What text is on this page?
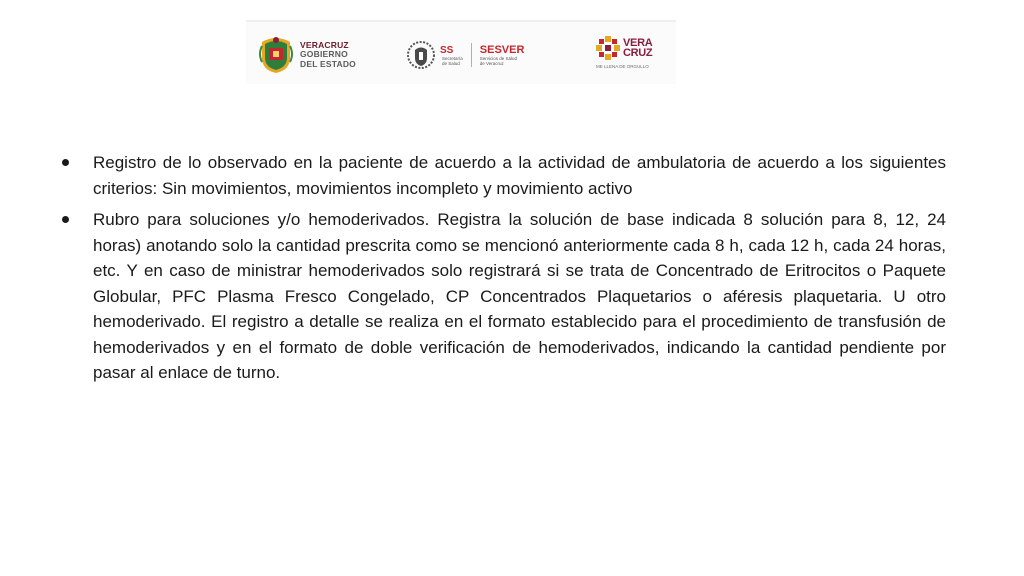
VERACRUZ
GOBIERNO
DEL ESTADO
SS
Secretaría
de Salud
SESVER
Servicios de Salud
de Veracruz
VERA
CRUZ
ME LLENA DE ORGULLO
Registro de lo observado en la paciente de acuerdo a la actividad de ambulatoria de acuerdo a los siguientes criterios: Sin movimientos, movimientos incompleto y movimiento activo
Rubro para soluciones y/o hemoderivados. Registra la solución de base indicada 8 solución para 8, 12, 24 horas) anotando solo la cantidad prescrita como se mencionó anteriormente cada 8 h, cada 12 h, cada 24 horas, etc. Y en caso de ministrar hemoderivados solo registrará si se trata de Concentrado de Eritrocitos o Paquete Globular, PFC Plasma Fresco Congelado, CP Concentrados Plaquetarios o aféresis plaquetaria. U otro hemoderivado. El registro a detalle se realiza en el formato establecido para el procedimiento de transfusión de hemoderivados y en el formato de doble verificación de hemoderivados, indicando la cantidad pendiente por pasar al enlace de turno.
